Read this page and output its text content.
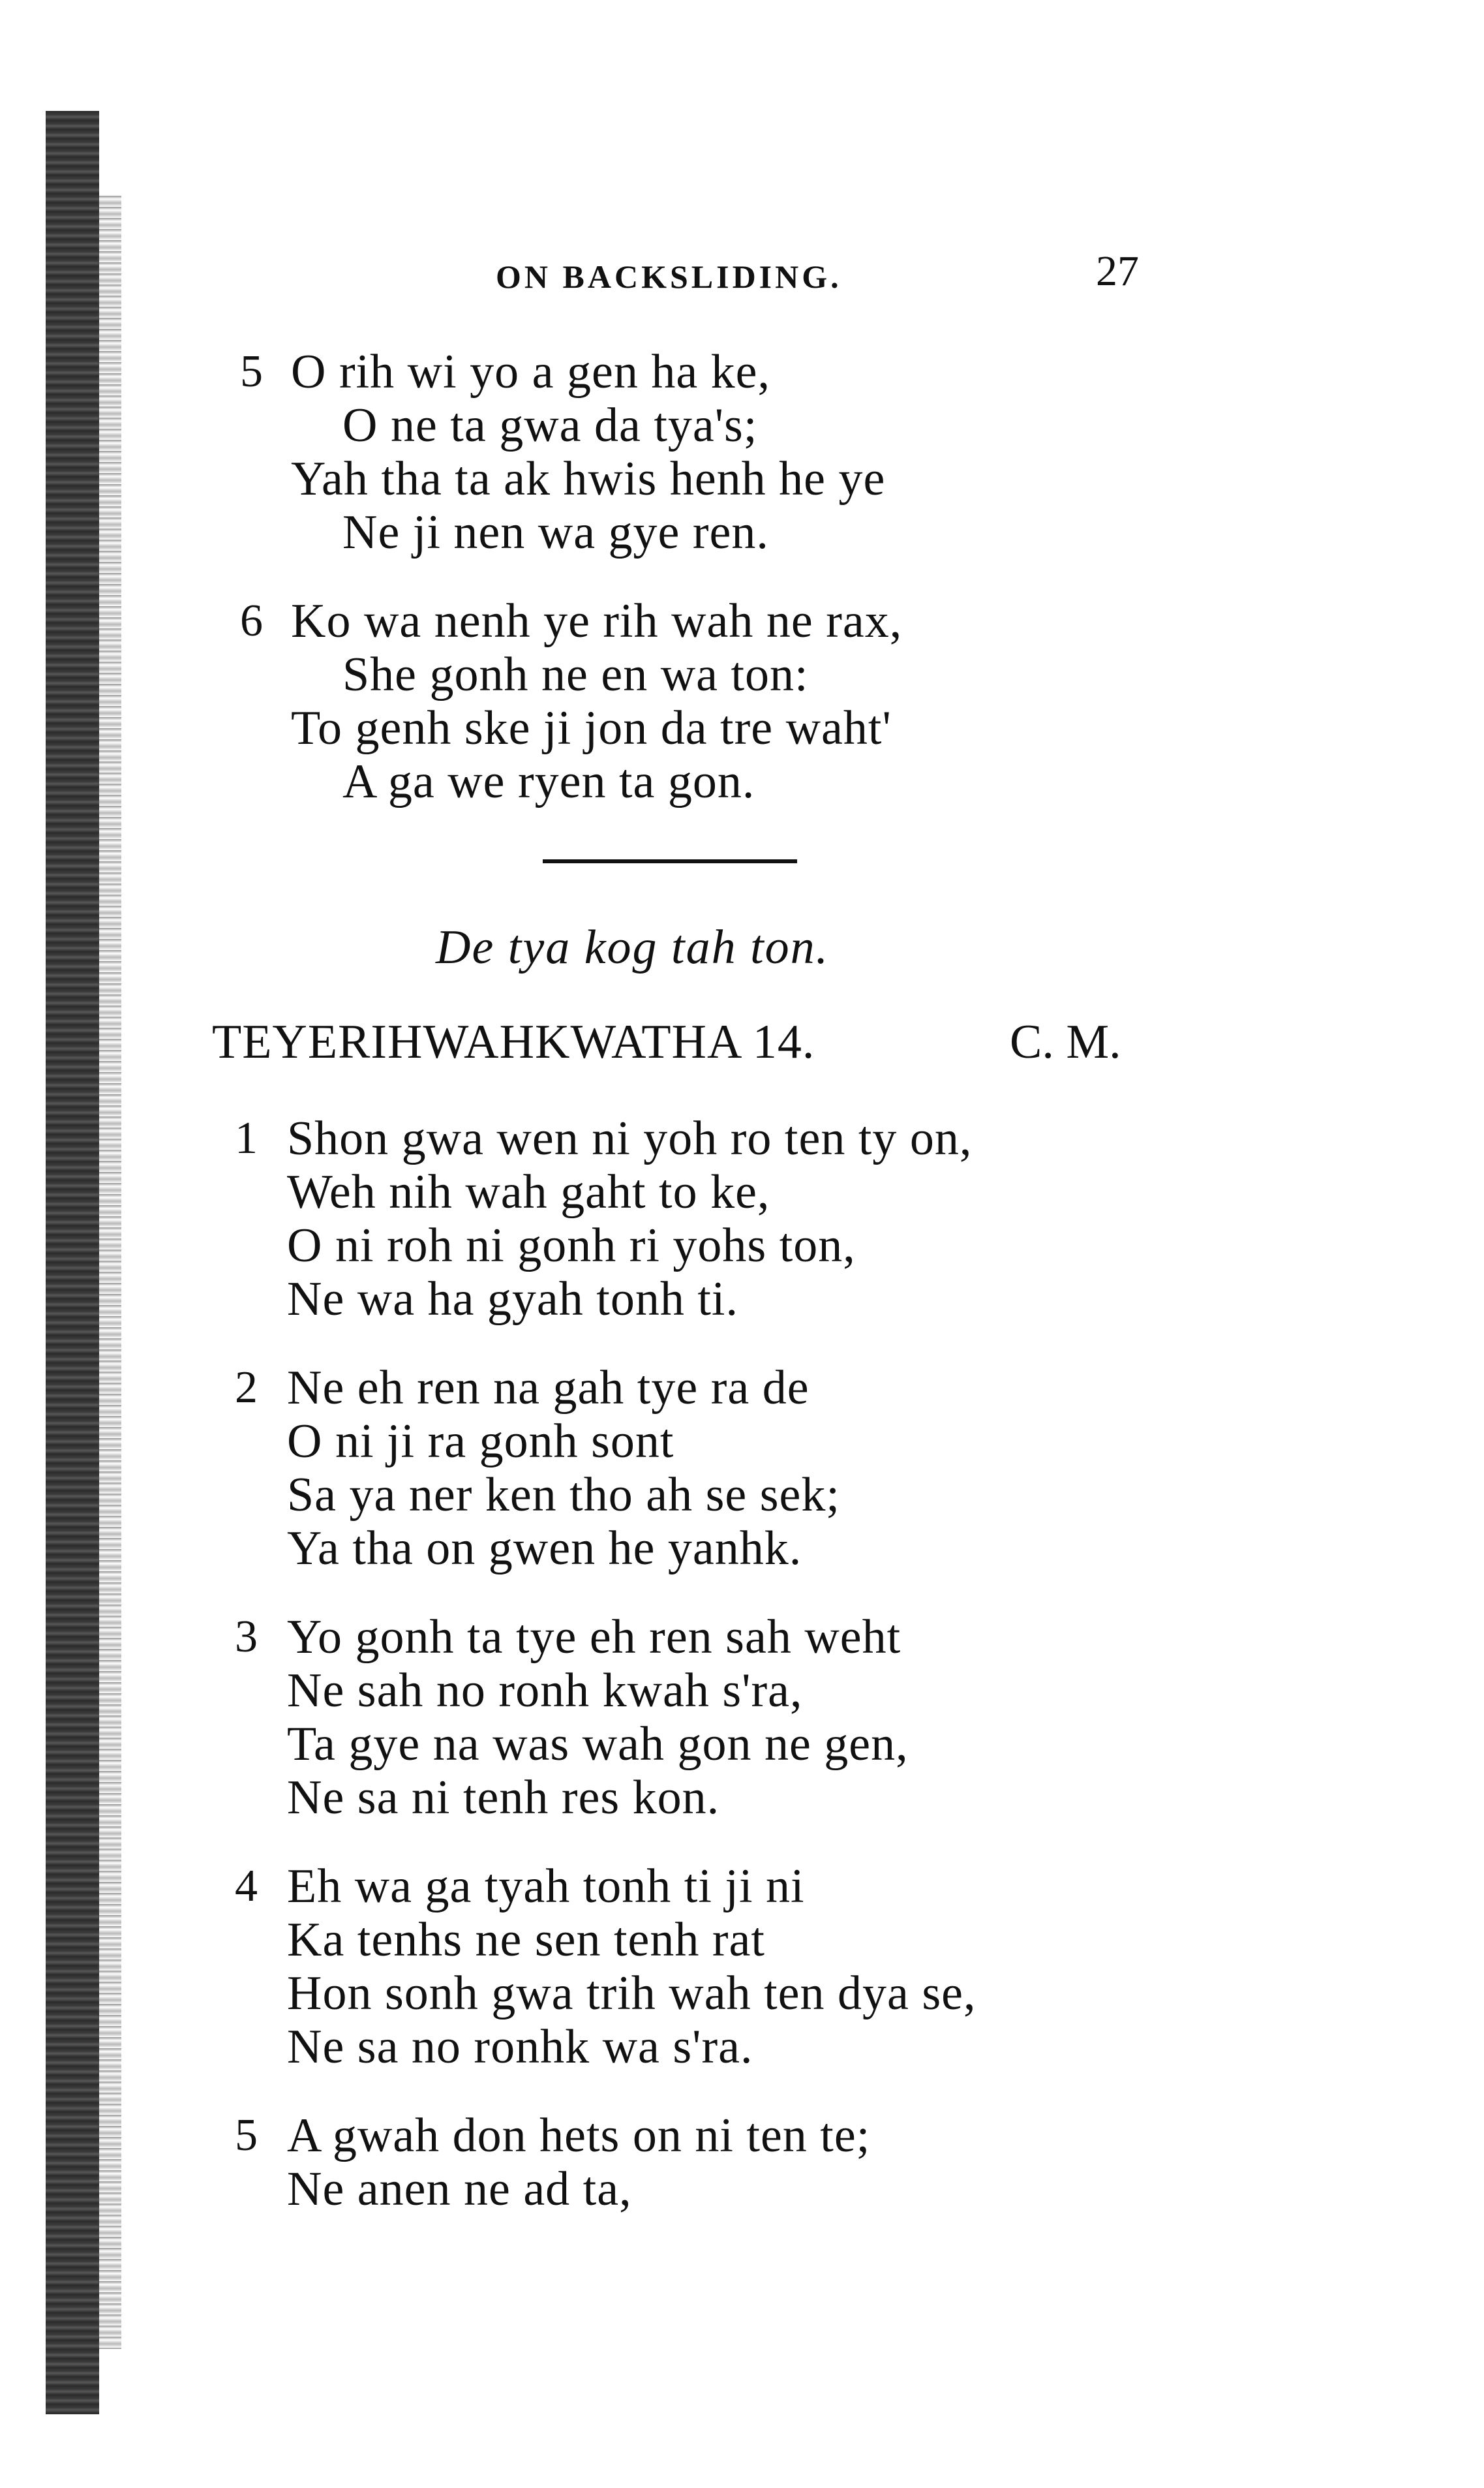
ON BACKSLIDING.	27
5 O rih wi yo a gen ha ke,
O ne ta gwa da tya's;
Yah tha ta ak hwis henh he ye
Ne ji nen wa gye ren.
6 Ko wa nenh ye rih wah ne rax,
She gonh ne en wa ton:
To genh ske ji jon da tre waht'
A ga we ryen ta gon.
De tya kog tah ton.
TEYERIHWAHKWATHA 14.	C. M.
1 Shon gwa wen ni yoh ro ten ty on,
Weh nih wah gaht to ke,
O ni roh ni gonh ri yohs ton,
Ne wa ha gyah tonh ti.
2 Ne eh ren na gah tye ra de
O ni ji ra gonh sont
Sa ya ner ken tho ah se sek;
Ya tha on gwen he yanhk.
3 Yo gonh ta tye eh ren sah weht
Ne sah no ronh kwah s'ra,
Ta gye na was wah gon ne gen,
Ne sa ni tenh res kon.
4 Eh wa ga tyah tonh ti ji ni
Ka tenhs ne sen tenh rat
Hon sonh gwa trih wah ten dya se,
Ne sa no ronhk wa s'ra.
5 A gwah don hets on ni ten te;
Ne anen ne ad ta,
